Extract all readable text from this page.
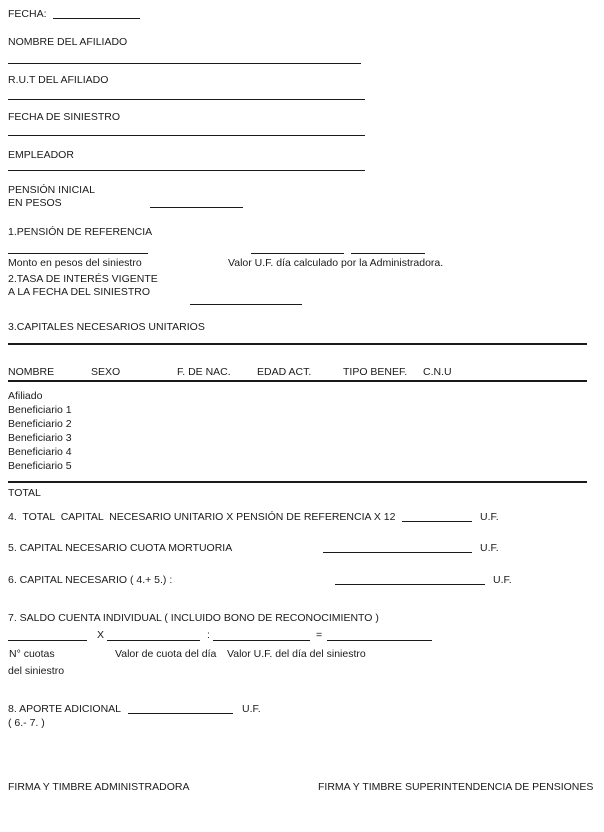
FECHA:
NOMBRE DEL AFILIADO
R.U.T DEL AFILIADO
FECHA DE SINIESTRO
EMPLEADOR
PENSIÓN INICIAL
EN PESOS
1.PENSIÓN DE REFERENCIA
Monto en pesos del siniestro	Valor U.F. día calculado por la Administradora.
2.TASA DE INTERÉS VIGENTE
A LA FECHA DEL SINIESTRO
3.CAPITALES NECESARIOS UNITARIOS
NOMBRE	SEXO	F. DE NAC.	EDAD ACT.	TIPO BENEF. C.N.U
Afiliado
Beneficiario 1
Beneficiario 2
Beneficiario 3
Beneficiario 4
Beneficiario 5
TOTAL
4.  TOTAL  CAPITAL  NECESARIO UNITARIO X PENSIÓN DE REFERENCIA X 12	U.F.
5. CAPITAL NECESARIO CUOTA MORTUORIA	U.F.
6. CAPITAL NECESARIO ( 4.+ 5.) :	U.F.
7. SALDO CUENTA INDIVIDUAL ( INCLUIDO BONO DE RECONOCIMIENTO )
X	:	=
N° cuotas	Valor de cuota del día Valor U.F. del día del siniestro
del siniestro
8. APORTE ADICIONAL	U.F.
( 6.- 7. )
FIRMA Y TIMBRE ADMINISTRADORA	FIRMA Y TIMBRE SUPERINTENDENCIA DE PENSIONES
